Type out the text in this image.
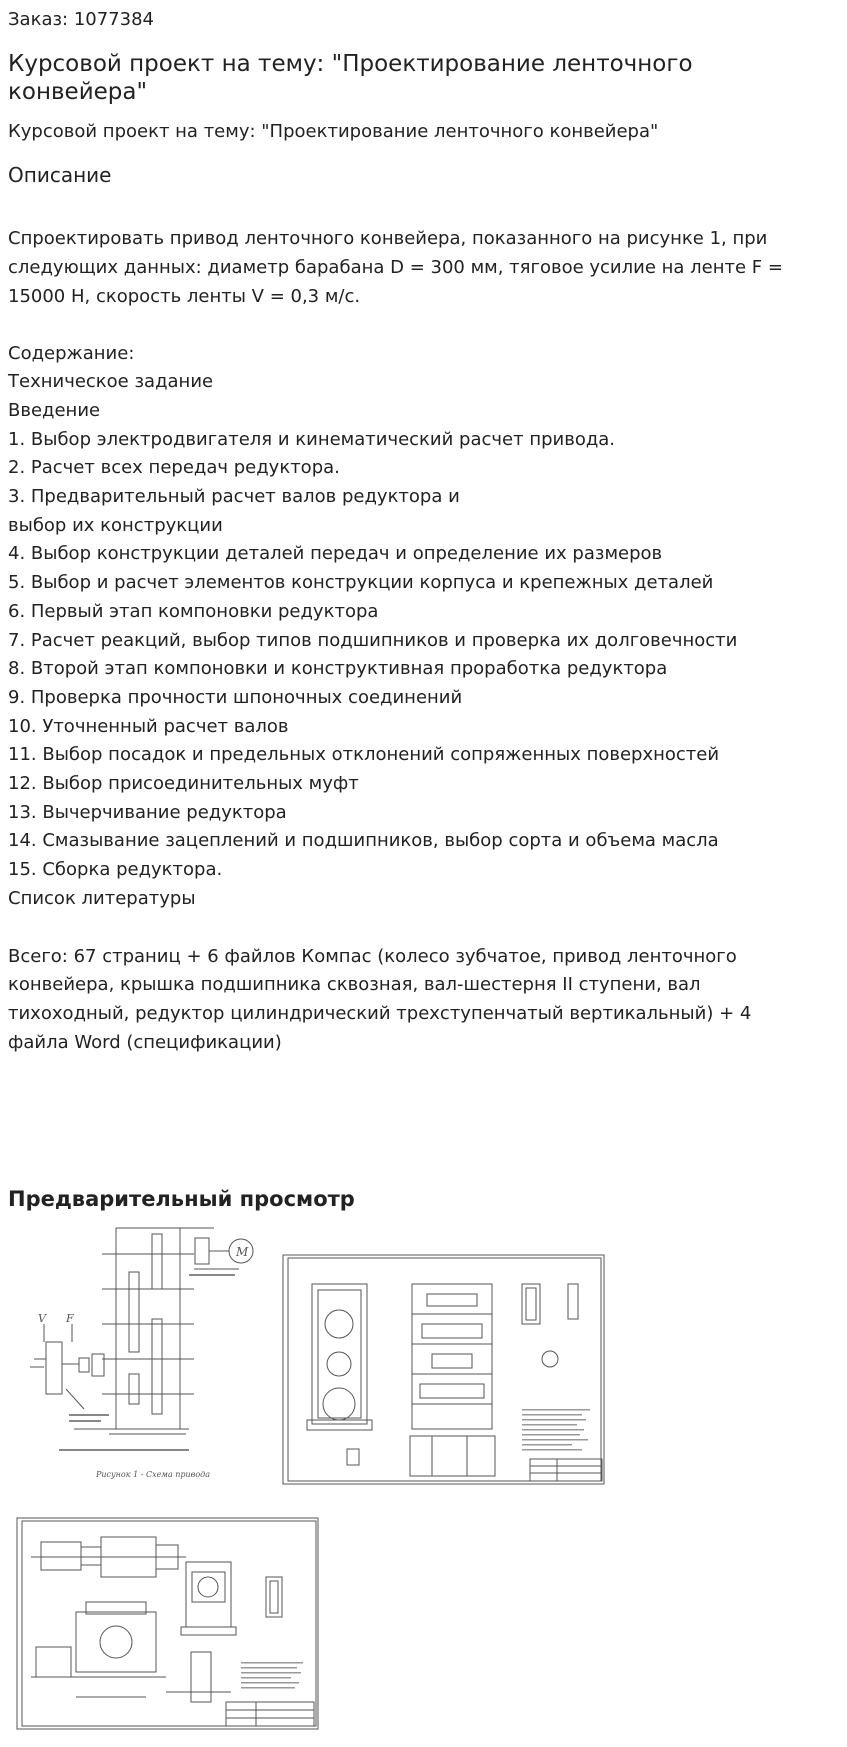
Заказ: 1077384
Курсовой проект на тему: "Проектирование ленточного конвейера"
Курсовой проект на тему: "Проектирование ленточного конвейера"
Описание
Спроектировать привод ленточного конвейера, показанного на рисунке 1, при
следующих данных: диаметр барабана D = 300 мм, тяговое усилие на ленте F =
15000 Н, скорость ленты V = 0,3 м/с.
Содержание:
Техническое задание
Введение
1. Выбор электродвигателя и кинематический расчет привода.
2. Расчет всех передач редуктора.
3. Предварительный расчет валов редуктора и
выбор их конструкции
4. Выбор конструкции деталей передач и определение их размеров
5. Выбор и расчет элементов конструкции корпуса и крепежных деталей
6. Первый этап компоновки редуктора
7. Расчет реакций, выбор типов подшипников и проверка их долговечности
8. Второй этап компоновки и конструктивная проработка редуктора
9. Проверка прочности шпоночных соединений
10. Уточненный расчет валов
11. Выбор посадок и предельных отклонений сопряженных поверхностей
12. Выбор присоединительных муфт
13. Вычерчивание редуктора
14. Смазывание зацеплений и подшипников, выбор сорта и объема масла
15. Сборка редуктора.
Список литературы
Всего: 67 страниц + 6 файлов Компас (колесо зубчатое, привод ленточного
конвейера, крышка подшипника сквозная, вал-шестерня II ступени, вал
тихоходный, редуктор цилиндрический трехступенчатый вертикальный) + 4
файла Word (спецификации)
Предварительный просмотр
M
V F
Рисунок 1 - Схема привода
